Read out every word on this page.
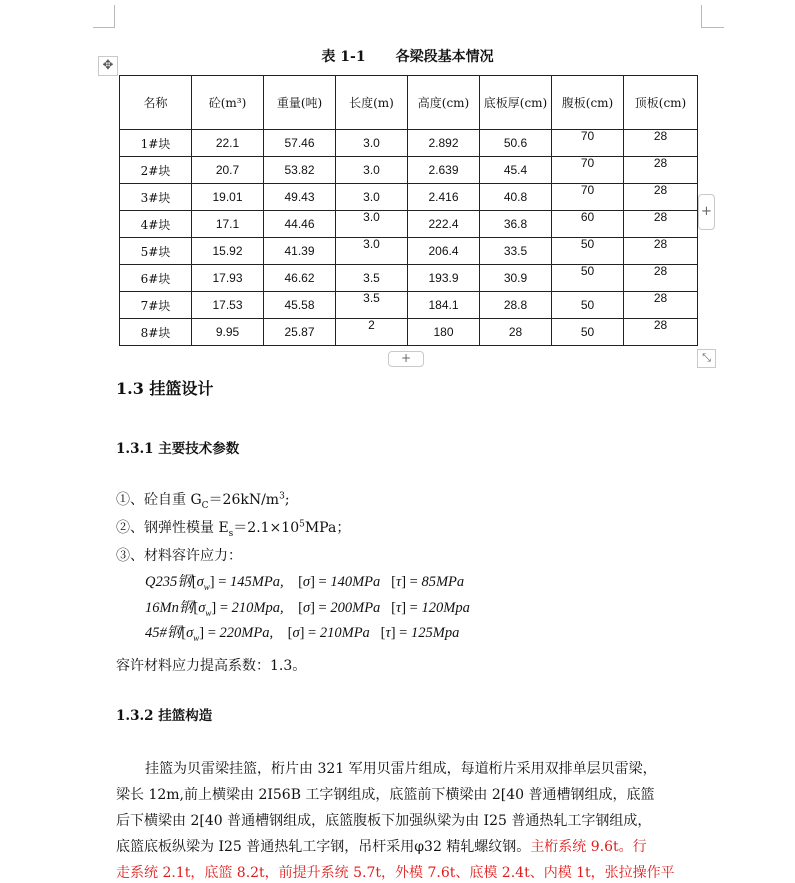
✥
+
+	⤡
表 1-1 各梁段基本情况
名称	砼(m³)	重量(吨)	长度(m)	高度(cm)	底板厚(cm)	腹板(cm)	顶板(cm)
1#块	22.1	57.46	3.0	2.892	50.6	70	28
2#块	20.7	53.82	3.0	2.639	45.4	70	28
3#块	19.01	49.43	3.0	2.416	40.8	70	28
4#块	17.1	44.46	3.0	222.4	36.8	60	28
5#块	15.92	41.39	3.0	206.4	33.5	50	28
6#块	17.93	46.62	3.5	193.9	30.9	50	28
7#块	17.53	45.58	3.5	184.1	28.8	50	28
8#块	9.95	25.87	2	180	28	50	28
1.3 挂篮设计
1.3.1 主要技术参数
①、砼自重 $G_C=26kN/m^3$;
②、钢弹性模量 $E_s=2.1\times 10^5MPa$；
③、材料容许应力：
Q235钢$[\sigma_w] = 145MPa$,    [σ] = 140MPa   [τ] = 85MPa
16Mn钢$[\sigma_w] = 210Mpa$,    [σ] = 200MPa   [τ] = 120Mpa
45#钢$[\sigma_w] = 220MPa$,    [σ] = 210MPa   [τ] = 125Mpa
容许材料应力提高系数：1.3。
1.3.2 挂篮构造
挂篮为贝雷梁挂篮，桁片由 321 军用贝雷片组成，每道桁片采用双排单层贝雷梁，
梁长 12m,前上横梁由 2I56B 工字钢组成，底篮前下横梁由 2[40 普通槽钢组成，底篮
后下横梁由 2[40 普通槽钢组成，底篮腹板下加强纵梁为由 I25 普通热轧工字钢组成，
底篮底板纵梁为 I25 普通热轧工字钢，吊杆采用φ32 精轧螺纹钢。主桁系统 9.6t。行
走系统 2.1t，底篮 8.2t，前提升系统 5.7t，外模 7.6t、底模 2.4t、内模 1t，张拉操作平
